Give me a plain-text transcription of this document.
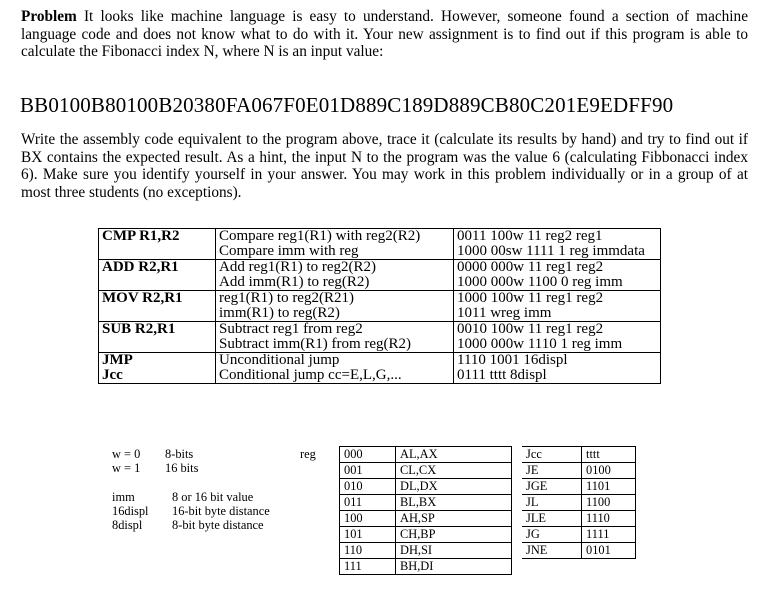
Problem It looks like machine language is easy to understand. However, someone found a section of machine language code and does not know what to do with it. Your new assignment is to find out if this program is able to calculate the Fibonacci index N, where N is an input value:

BB0100B80100B20380FA067F0E01D889C189D889CB80C201E9EDFF90

Write the assembly code equivalent to the program above, trace it (calculate its results by hand) and try to find out if BX contains the expected result. As a hint, the input N to the program was the value 6 (calculating Fibbonacci index 6). Make sure you identify yourself in your answer. You may work in this problem individually or in a group of at most three students (no exceptions).

CMP R1,R2	Compare reg1(R1) with reg2(R2)	0011 100w 11 reg2 reg1
	Compare imm with reg	1000 00sw 1111 1 reg immdata
ADD R2,R1	Add reg1(R1) to reg2(R2)	0000 000w 11 reg1 reg2
	Add imm(R1) to reg(R2)	1000 000w 1100 0 reg imm
MOV R2,R1	reg1(R1) to reg2(R21)	1000 100w 11 reg1 reg2
	imm(R1) to reg(R2)	1011 wreg imm
SUB R2,R1	Subtract reg1 from reg2	0010 100w 11 reg1 reg2
	Subtract imm(R1) from reg(R2)	1000 000w 1110 1 reg imm
JMP	Unconditional jump	1110 1001 16displ
Jcc	Conditional jump cc=E,L,G,...	0111 tttt 8displ
w = 0 8-bits
w = 1 16 bits
imm	8 or 16 bit value
16displ 16-bit byte distance
8displ 8-bit byte distance
reg	000	AL,AX
	001	CL,CX
	010	DL,DX
	011	BL,BX
	100	AH,SP
	101	CH,BP
	110	DH,SI
	111	BH,DI
Jcc	tttt
JE	0100
JGE	1101
JL	1100
JLE	1110
JG	1111
JNE	0101
